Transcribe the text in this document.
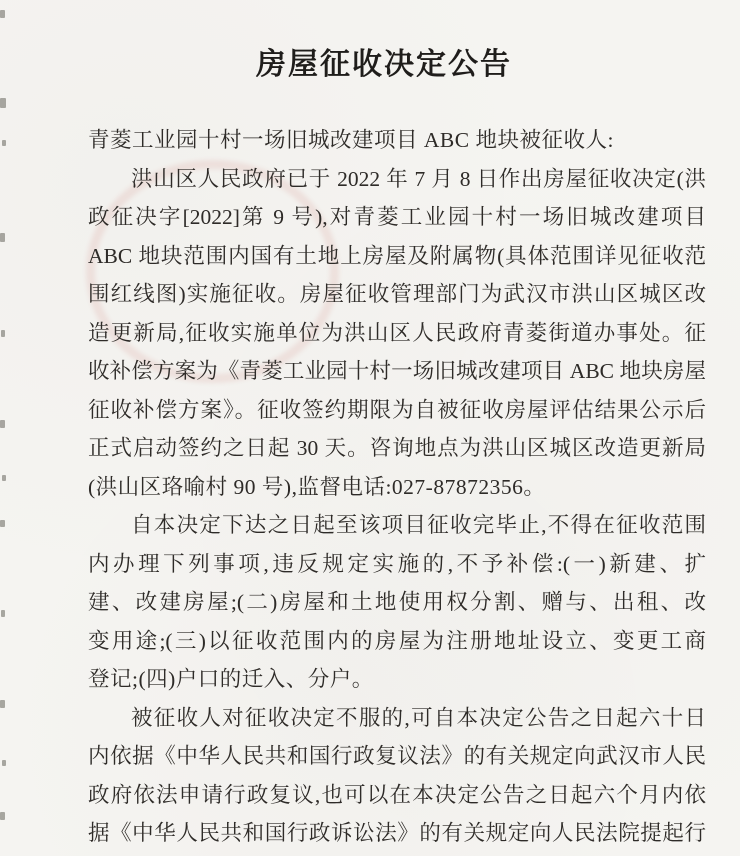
房屋征收决定公告
青菱工业园十村一场旧城改建项目 ABC 地块被征收人:
洪山区人民政府已于 2022 年 7 月 8 日作出房屋征收决定(洪
政征决字[2022]第 9 号),对青菱工业园十村一场旧城改建项目
ABC 地块范围内国有土地上房屋及附属物(具体范围详见征收范
围红线图)实施征收。房屋征收管理部门为武汉市洪山区城区改
造更新局,征收实施单位为洪山区人民政府青菱街道办事处。征
收补偿方案为《青菱工业园十村一场旧城改建项目 ABC 地块房屋
征收补偿方案》。征收签约期限为自被征收房屋评估结果公示后
正式启动签约之日起 30 天。咨询地点为洪山区城区改造更新局
(洪山区珞喻村 90 号),监督电话:027-87872356。
自本决定下达之日起至该项目征收完毕止,不得在征收范围
内办理下列事项,违反规定实施的,不予补偿:(一)新建、扩
建、改建房屋;(二)房屋和土地使用权分割、赠与、出租、改
变用途;(三)以征收范围内的房屋为注册地址设立、变更工商
登记;(四)户口的迁入、分户。
被征收人对征收决定不服的,可自本决定公告之日起六十日
内依据《中华人民共和国行政复议法》的有关规定向武汉市人民
政府依法申请行政复议,也可以在本决定公告之日起六个月内依
据《中华人民共和国行政诉讼法》的有关规定向人民法院提起行
